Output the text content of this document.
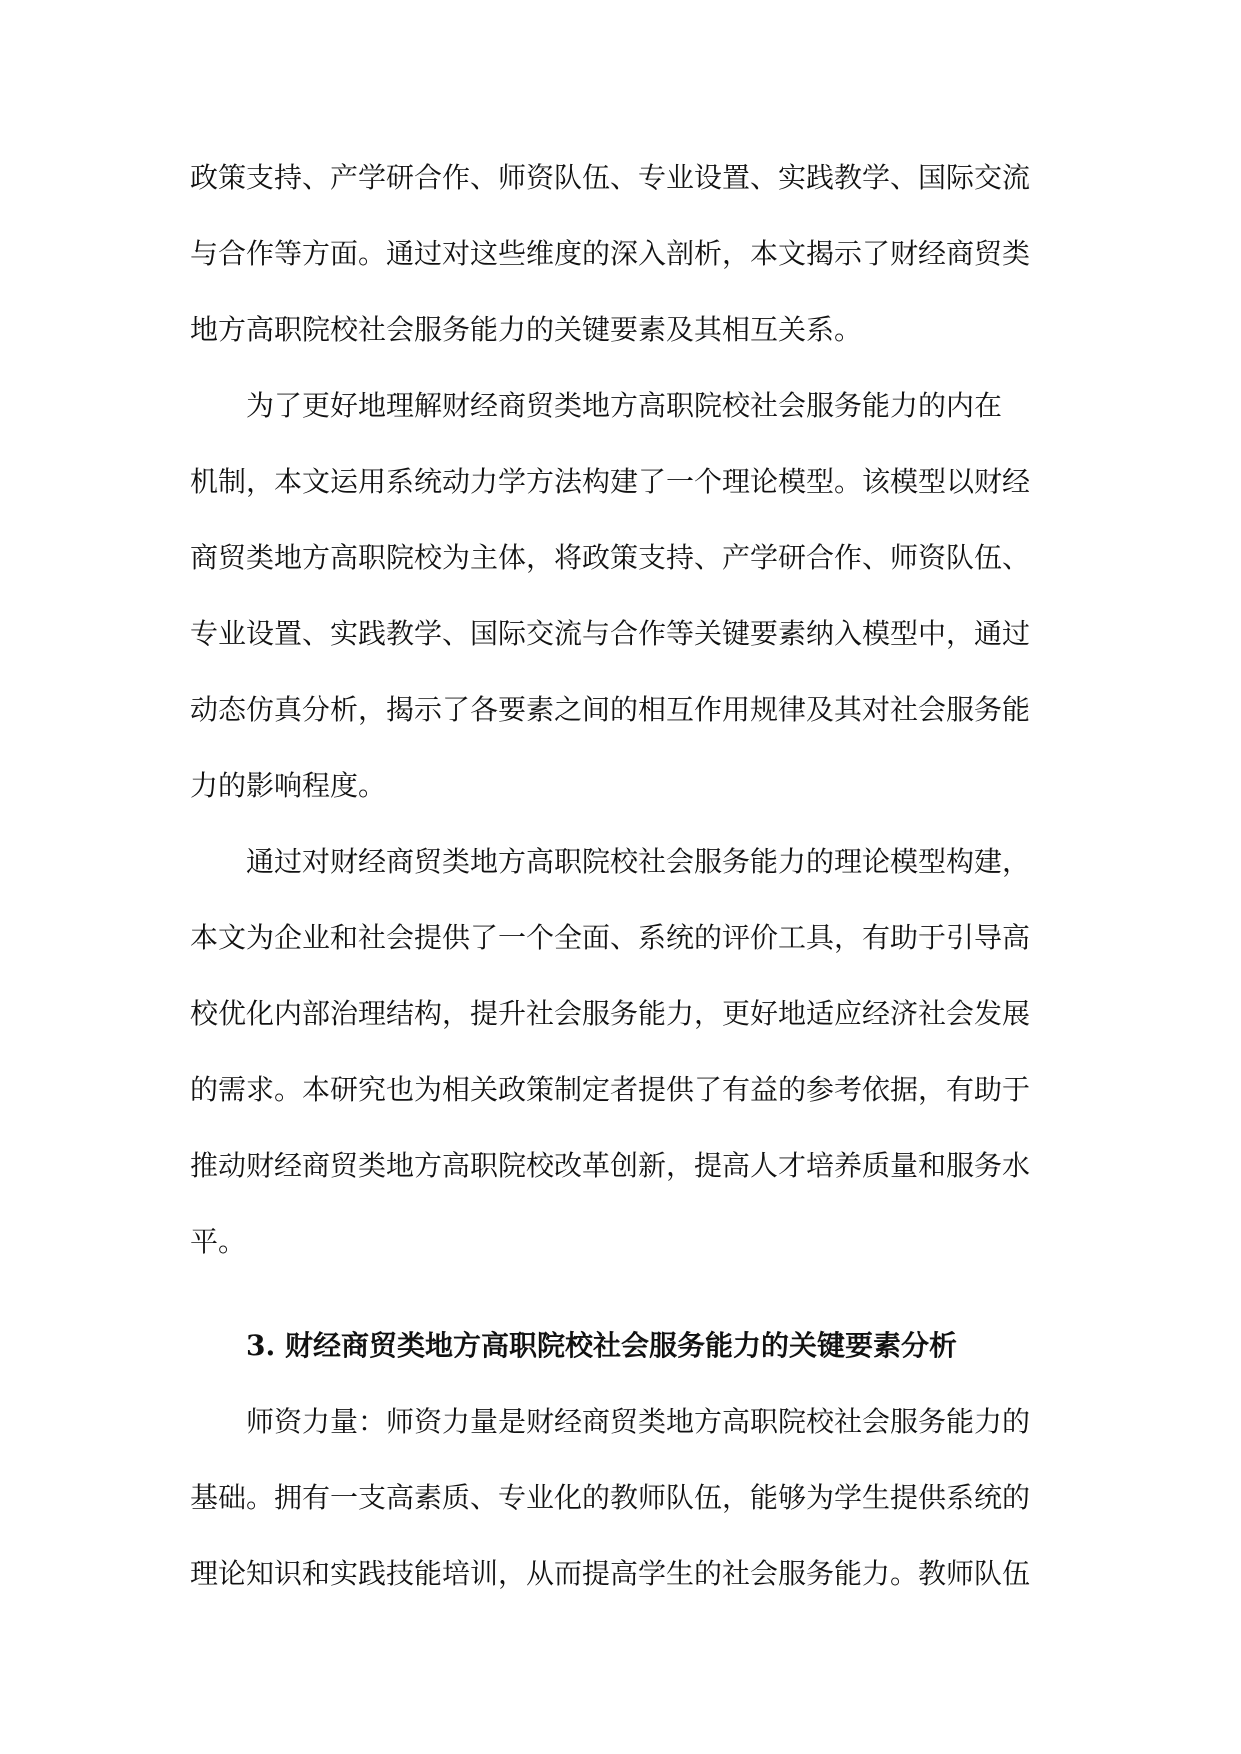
政策支持、产学研合作、师资队伍、专业设置、实践教学、国际交流
与合作等方面。通过对这些维度的深入剖析，本文揭示了财经商贸类
地方高职院校社会服务能力的关键要素及其相互关系。

为了更好地理解财经商贸类地方高职院校社会服务能力的内在
机制，本文运用系统动力学方法构建了一个理论模型。该模型以财经
商贸类地方高职院校为主体，将政策支持、产学研合作、师资队伍、
专业设置、实践教学、国际交流与合作等关键要素纳入模型中，通过
动态仿真分析，揭示了各要素之间的相互作用规律及其对社会服务能
力的影响程度。

通过对财经商贸类地方高职院校社会服务能力的理论模型构建，
本文为企业和社会提供了一个全面、系统的评价工具，有助于引导高
校优化内部治理结构，提升社会服务能力，更好地适应经济社会发展
的需求。本研究也为相关政策制定者提供了有益的参考依据，有助于
推动财经商贸类地方高职院校改革创新，提高人才培养质量和服务水
平。

3. 财经商贸类地方高职院校社会服务能力的关键要素分析

师资力量：师资力量是财经商贸类地方高职院校社会服务能力的
基础。拥有一支高素质、专业化的教师队伍，能够为学生提供系统的
理论知识和实践技能培训，从而提高学生的社会服务能力。教师队伍
